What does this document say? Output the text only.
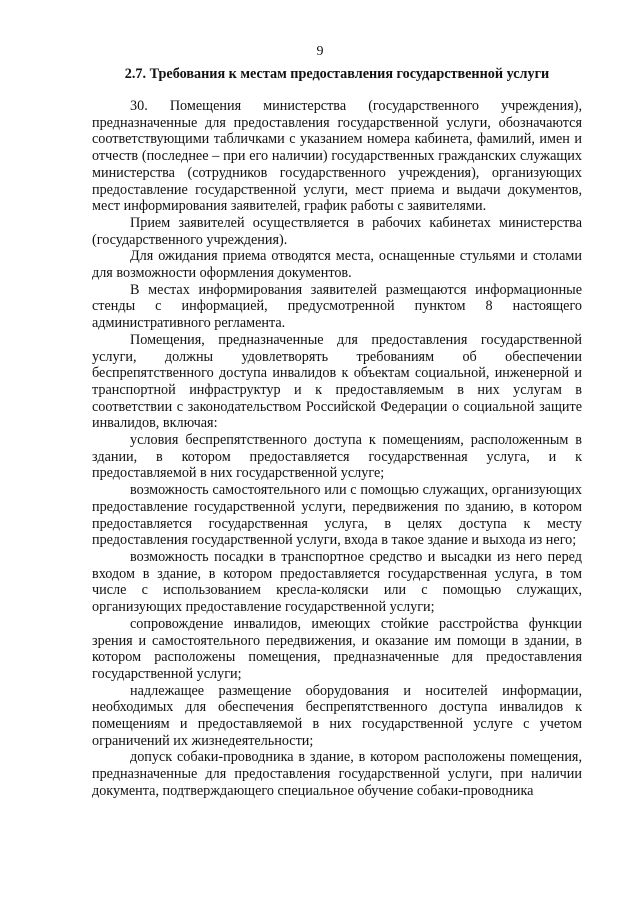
9
2.7. Требования к местам предоставления государственной услуги

30. Помещения министерства (государственного учреждения), предназначенные для предоставления государственной услуги, обозначаются соответствующими табличками с указанием номера кабинета, фамилий, имен и отчеств (последнее – при его наличии) государственных гражданских служащих министерства (сотрудников государственного учреждения), организующих предоставление государственной услуги, мест приема и выдачи документов, мест информирования заявителей, график работы с заявителями.

Прием заявителей осуществляется в рабочих кабинетах министерства (государственного учреждения).

Для ожидания приема отводятся места, оснащенные стульями и столами для возможности оформления документов.

В местах информирования заявителей размещаются информационные стенды с информацией, предусмотренной пунктом 8 настоящего административного регламента.

Помещения, предназначенные для предоставления государственной услуги, должны удовлетворять требованиям об обеспечении беспрепятственного доступа инвалидов к объектам социальной, инженерной и транспортной инфраструктур и к предоставляемым в них услугам в соответствии с законодательством Российской Федерации о социальной защите инвалидов, включая:

условия беспрепятственного доступа к помещениям, расположенным в здании, в котором предоставляется государственная услуга, и к предоставляемой в них государственной услуге;

возможность самостоятельного или с помощью служащих, организующих предоставление государственной услуги, передвижения по зданию, в котором предоставляется государственная услуга, в целях доступа к месту предоставления государственной услуги, входа в такое здание и выхода из него;

возможность посадки в транспортное средство и высадки из него перед входом в здание, в котором предоставляется государственная услуга, в том числе с использованием кресла-коляски или с помощью служащих, организующих предоставление государственной услуги;

сопровождение инвалидов, имеющих стойкие расстройства функции зрения и самостоятельного передвижения, и оказание им помощи в здании, в котором расположены помещения, предназначенные для предоставления государственной услуги;

надлежащее размещение оборудования и носителей информации, необходимых для обеспечения беспрепятственного доступа инвалидов к помещениям и предоставляемой в них государственной услуге с учетом ограничений их жизнедеятельности;

допуск собаки-проводника в здание, в котором расположены помещения, предназначенные для предоставления государственной услуги, при наличии документа, подтверждающего специальное обучение собаки-проводника
